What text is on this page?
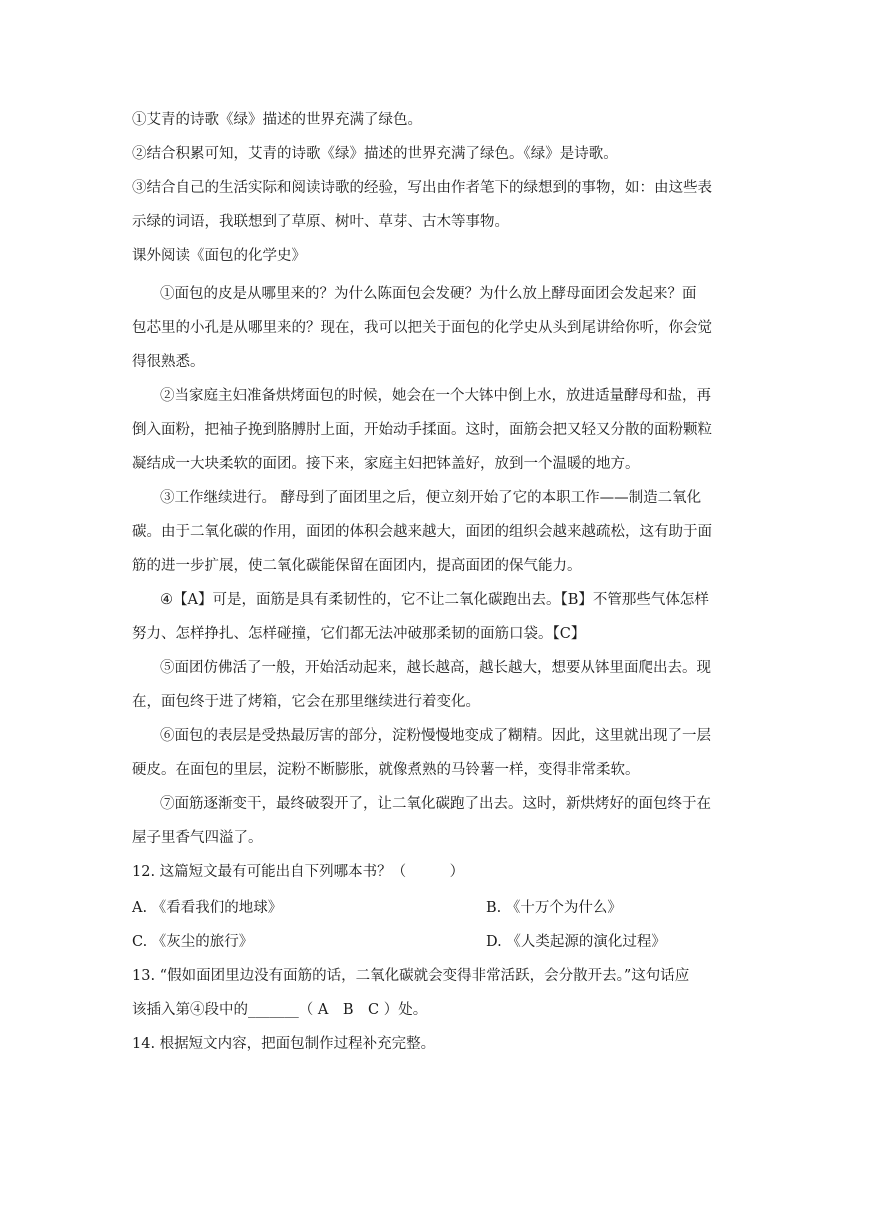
①艾青的诗歌《绿》描述的世界充满了绿色。
②结合积累可知，艾青的诗歌《绿》描述的世界充满了绿色。《绿》是诗歌。
③结合自己的生活实际和阅读诗歌的经验，写出由作者笔下的绿想到的事物，如：由这些表
示绿的词语，我联想到了草原、树叶、草芽、古木等事物。
课外阅读《面包的化学史》
①面包的皮是从哪里来的？为什么陈面包会发硬？为什么放上酵母面团会发起来？面
包芯里的小孔是从哪里来的？现在，我可以把关于面包的化学史从头到尾讲给你听，你会觉
得很熟悉。
②当家庭主妇准备烘烤面包的时候，她会在一个大钵中倒上水，放进适量酵母和盐，再
倒入面粉，把袖子挽到胳膊肘上面，开始动手揉面。这时，面筋会把又轻又分散的面粉颗粒
凝结成一大块柔软的面团。接下来，家庭主妇把钵盖好，放到一个温暖的地方。
③工作继续进行。 酵母到了面团里之后，便立刻开始了它的本职工作——制造二氧化
碳。由于二氧化碳的作用，面团的体积会越来越大，面团的组织会越来越疏松，这有助于面
筋的进一步扩展，使二氧化碳能保留在面团内，提高面团的保气能力。
④【A】可是，面筋是具有柔韧性的，它不让二氧化碳跑出去。【B】不管那些气体怎样
努力、怎样挣扎、怎样碰撞，它们都无法冲破那柔韧的面筋口袋。【C】
⑤面团仿佛活了一般，开始活动起来，越长越高，越长越大，想要从钵里面爬出去。现
在，面包终于进了烤箱，它会在那里继续进行着变化。
⑥面包的表层是受热最厉害的部分，淀粉慢慢地变成了糊精。因此，这里就出现了一层
硬皮。在面包的里层，淀粉不断膨胀，就像煮熟的马铃薯一样，变得非常柔软。
⑦面筋逐渐变干，最终破裂开了，让二氧化碳跑了出去。这时，新烘烤好的面包终于在
屋子里香气四溢了。
12. 这篇短文最有可能出自下列哪本书？（　　　）
A. 《看看我们的地球》	B. 《十万个为什么》
C. 《灰尘的旅行》	D. 《人类起源的演化过程》
13. “假如面团里边没有面筋的话，二氧化碳就会变得非常活跃，会分散开去。”这句话应
该插入第④段中的_______（ A　B　C ）处。
14. 根据短文内容，把面包制作过程补充完整。
